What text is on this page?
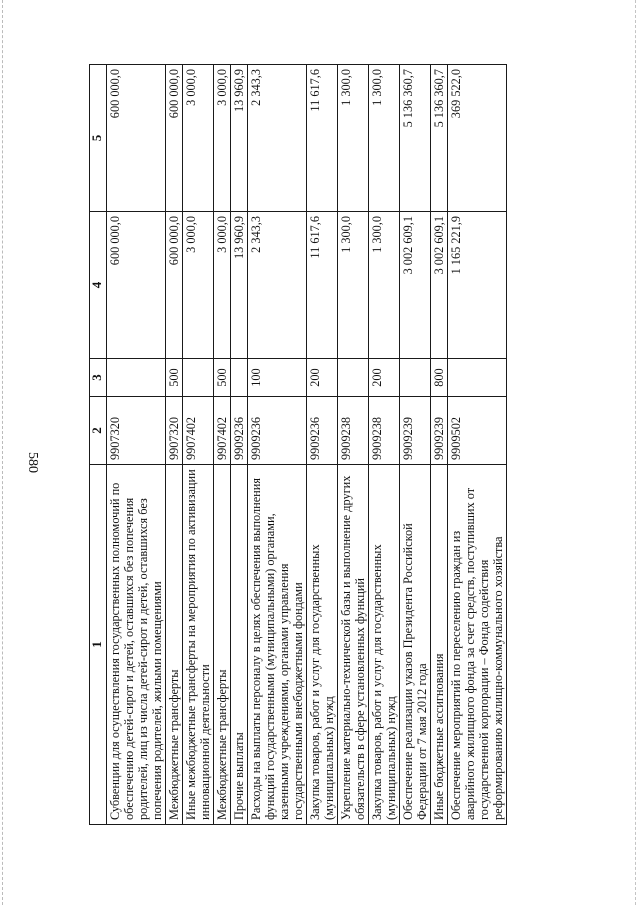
580
1	2	3	4	5
Субвенции для осуществления государственных полномочий по обеспечению детей-сирот и детей, оставшихся без попечения родителей, лиц из числа детей-сирот и детей, оставшихся без попечения родителей, жилыми помещениями	9907320		600 000,0	600 000,0
Межбюджетные трансферты	9907320	500	600 000,0	600 000,0
Иные межбюджетные трансферты на мероприятия по активизации инновационной деятельности	9907402		3 000,0	3 000,0
Межбюджетные трансферты	9907402	500	3 000,0	3 000,0
Прочие выплаты	9909236		13 960,9	13 960,9
Расходы на выплаты персоналу в целях обеспечения выполнения функций государственными (муниципальными) органами, казенными учреждениями, органами управления государственными внебюджетными фондами	9909236	100	2 343,3	2 343,3
Закупка товаров, работ и услуг для государственных (муниципальных) нужд	9909236	200	11 617,6	11 617,6
Укрепление материально-технической базы и выполнение других обязательств в сфере установленных функций	9909238		1 300,0	1 300,0
Закупка товаров, работ и услуг для государственных (муниципальных) нужд	9909238	200	1 300,0	1 300,0
Обеспечение реализации указов Президента Российской Федерации от 7 мая 2012 года	9909239		3 002 609,1	5 136 360,7
Иные бюджетные ассигнования	9909239	800	3 002 609,1	5 136 360,7
Обеспечение мероприятий по переселению граждан из аварийного жилищного фонда за счет средств, поступивших от государственной корпорации – Фонда содействия реформированию жилищно-коммунального хозяйства	9909502		1 165 221,9	369 522,0
